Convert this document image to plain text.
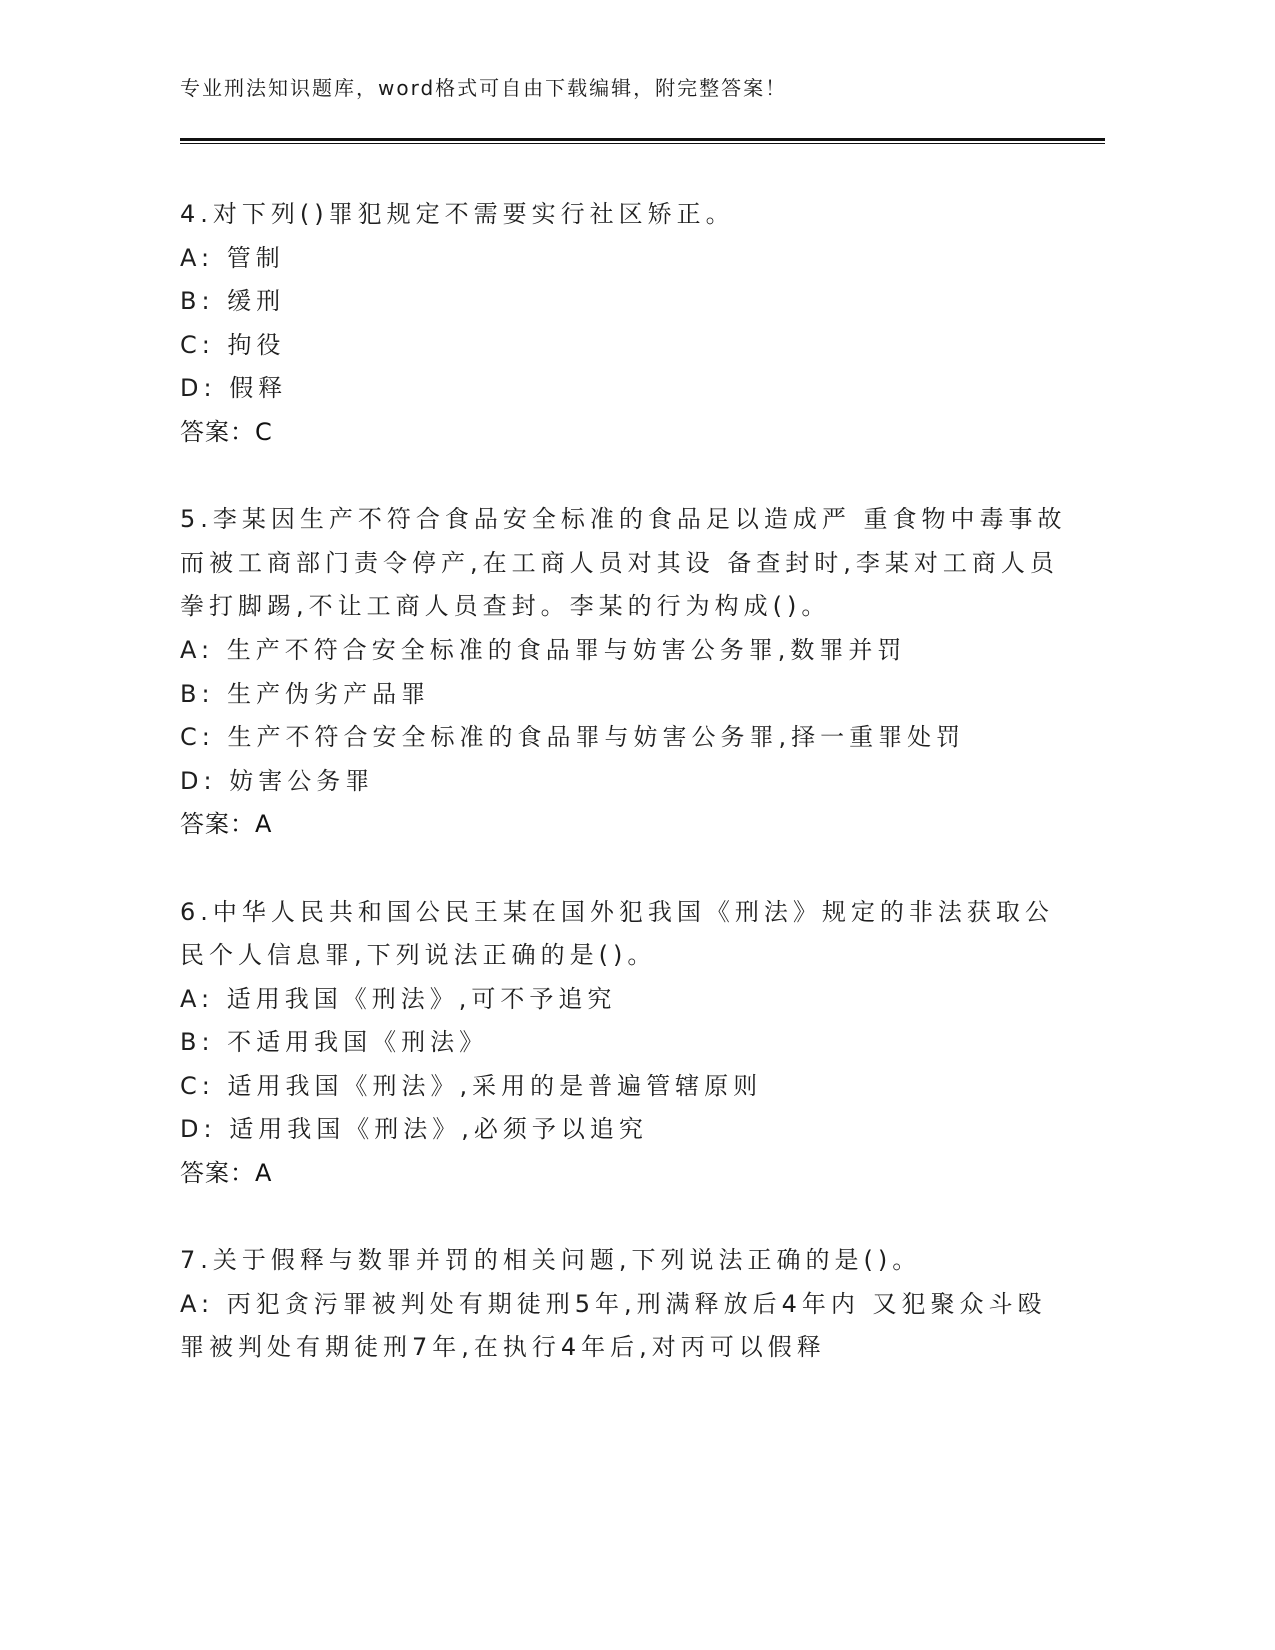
专业刑法知识题库，word格式可自由下载编辑，附完整答案！
4.对下列()罪犯规定不需要实行社区矫正。
A: 管制
B: 缓刑
C: 拘役
D: 假释
答案：C
5.李某因生产不符合食品安全标准的食品足以造成严 重食物中毒事故
而被工商部门责令停产,在工商人员对其设 备查封时,李某对工商人员
拳打脚踢,不让工商人员查封。李某的行为构成()。
A: 生产不符合安全标准的食品罪与妨害公务罪,数罪并罚
B: 生产伪劣产品罪
C: 生产不符合安全标准的食品罪与妨害公务罪,择一重罪处罚
D: 妨害公务罪
答案：A
6.中华人民共和国公民王某在国外犯我国《刑法》规定的非法获取公
民个人信息罪,下列说法正确的是()。
A: 适用我国《刑法》,可不予追究
B: 不适用我国《刑法》
C: 适用我国《刑法》,采用的是普遍管辖原则
D: 适用我国《刑法》,必须予以追究
答案：A
7.关于假释与数罪并罚的相关问题,下列说法正确的是()。
A: 丙犯贪污罪被判处有期徒刑5年,刑满释放后4年内 又犯聚众斗殴
罪被判处有期徒刑7年,在执行4年后,对丙可以假释
